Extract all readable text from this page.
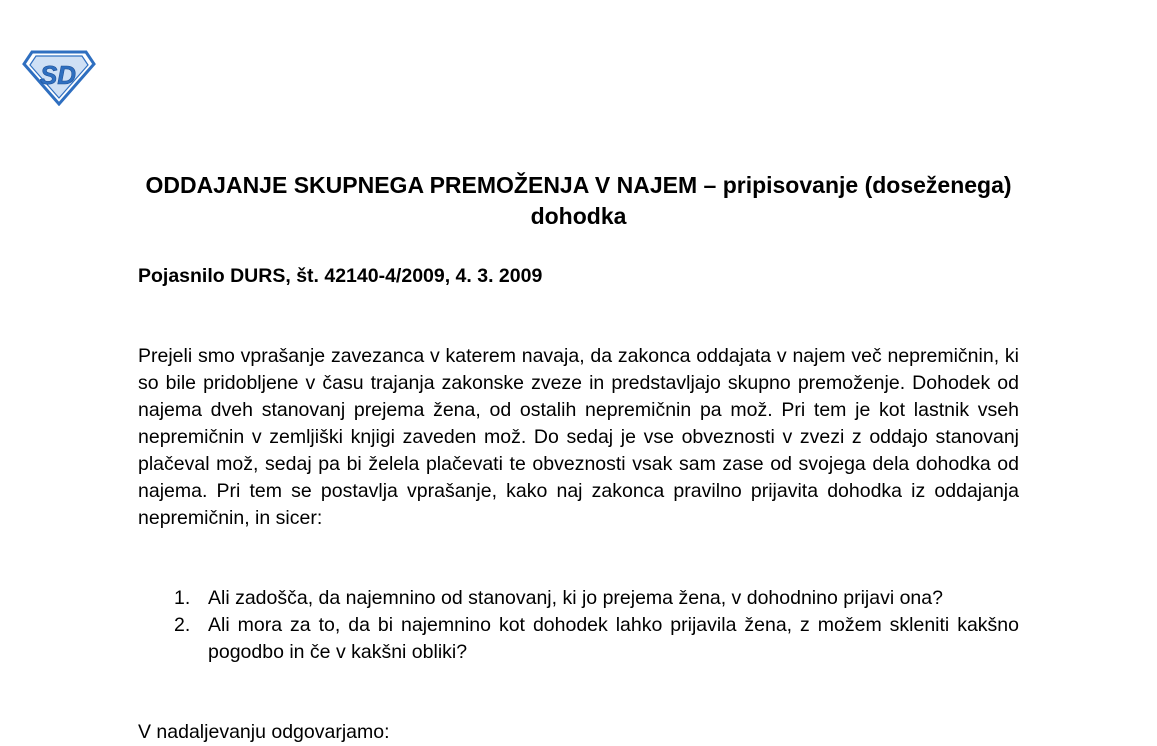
SD
ODDAJANJE SKUPNEGA PREMOŽENJA V NAJEM – pripisovanje (doseženega) dohodka

Pojasnilo DURS, št. 42140-4/2009, 4. 3. 2009

Prejeli smo vprašanje zavezanca v katerem navaja, da zakonca oddajata v najem več nepremičnin, ki so bile pridobljene v času trajanja zakonske zveze in predstavljajo skupno premoženje. Dohodek od najema dveh stanovanj prejema žena, od ostalih nepremičnin pa mož. Pri tem je kot lastnik vseh nepremičnin v zemljiški knjigi zaveden mož. Do sedaj je vse obveznosti v zvezi z oddajo stanovanj plačeval mož, sedaj pa bi želela plačevati te obveznosti vsak sam zase od svojega dela dohodka od najema. Pri tem se postavlja vprašanje, kako naj zakonca pravilno prijavita dohodka iz oddajanja nepremičnin, in sicer:

1. Ali zadošča, da najemnino od stanovanj, ki jo prejema žena, v dohodnino prijavi ona?
2. Ali mora za to, da bi najemnino kot dohodek lahko prijavila žena, z možem skleniti kakšno pogodbo in če v kakšni obliki?

V nadaljevanju odgovarjamo:
